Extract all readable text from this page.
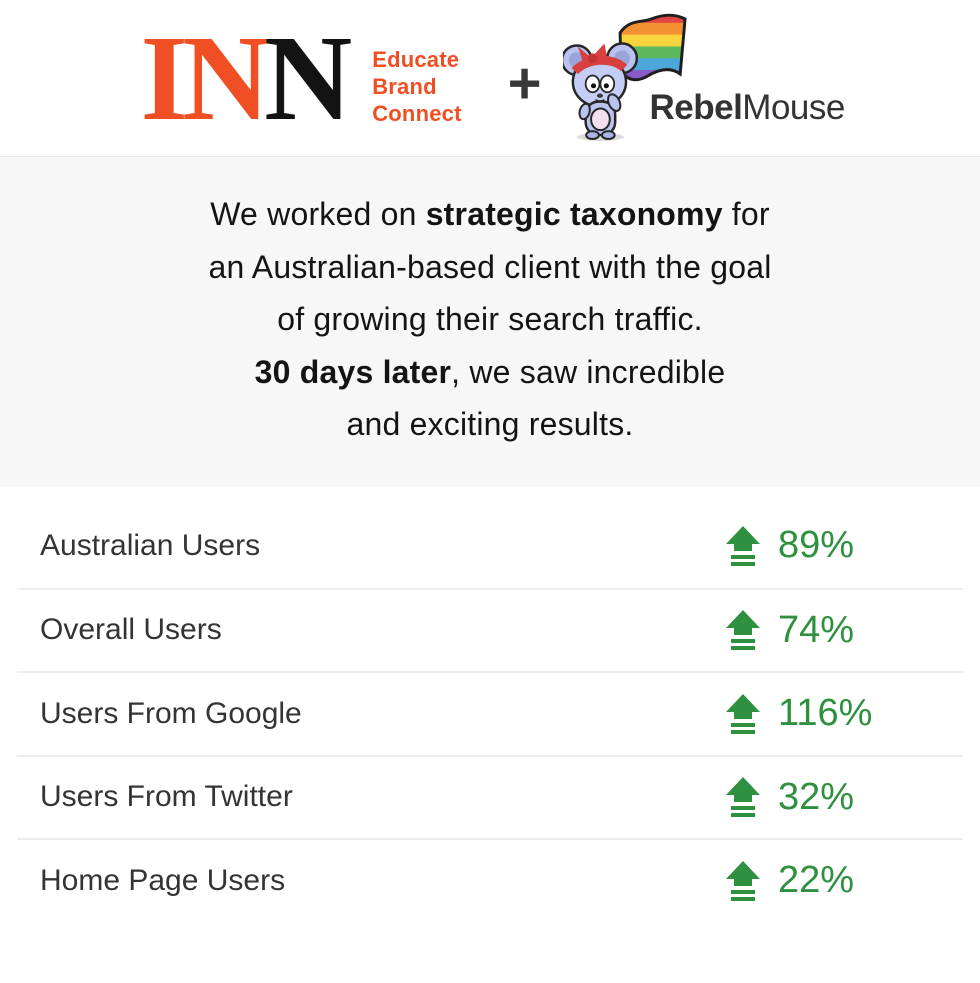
INN Educate
Brand
Connect +	RebelMouse
We worked on strategic taxonomy for
an Australian-based client with the goal
of growing their search traffic.
30 days later, we saw incredible
and exciting results.
Australian Users	89%
Overall Users	74%
Users From Google	116%
Users From Twitter	32%
Home Page Users	22%
